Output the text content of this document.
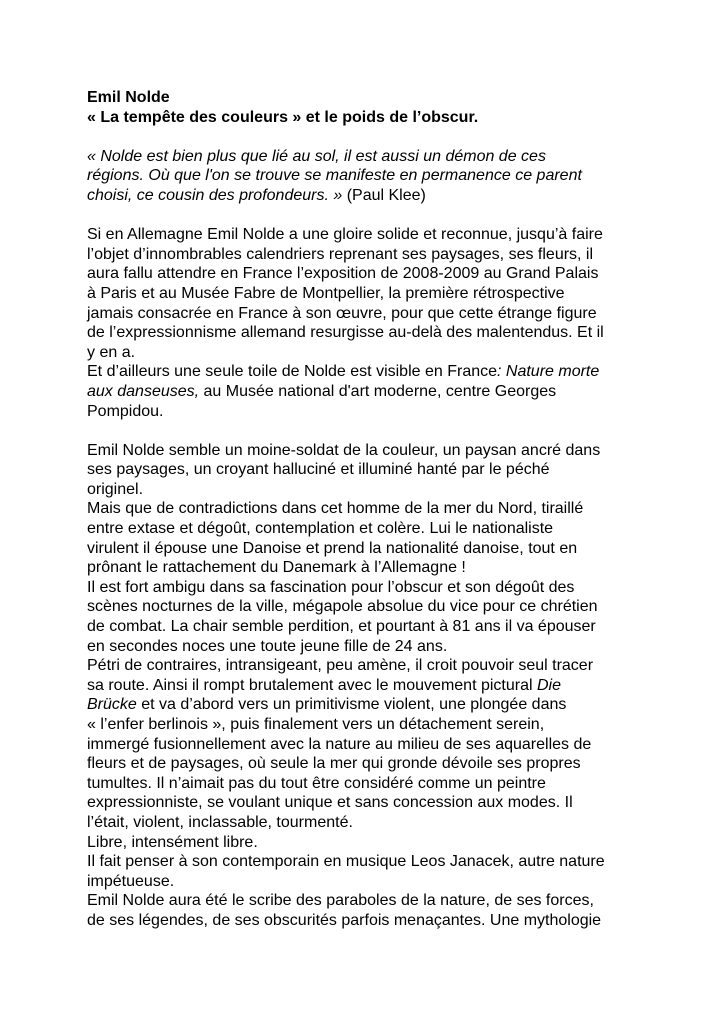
Emil Nolde
« La tempête des couleurs » et le poids de l’obscur.
« Nolde est bien plus que lié au sol, il est aussi un démon de ces
régions. Où que l'on se trouve se manifeste en permanence ce parent
choisi, ce cousin des profondeurs. » (Paul Klee)
Si en Allemagne Emil Nolde a une gloire solide et reconnue, jusqu’à faire
l’objet d’innombrables calendriers reprenant ses paysages, ses fleurs, il
aura fallu attendre en France l’exposition de 2008-2009 au Grand Palais
à Paris et au Musée Fabre de Montpellier, la première rétrospective
jamais consacrée en France à son œuvre, pour que cette étrange figure
de l’expressionnisme allemand resurgisse au-delà des malentendus. Et il
y en a.
Et d’ailleurs une seule toile de Nolde est visible en France: Nature morte
aux danseuses, au Musée national d'art moderne, centre Georges
Pompidou.
Emil Nolde semble un moine-soldat de la couleur, un paysan ancré dans
ses paysages, un croyant halluciné et illuminé hanté par le péché
originel.
Mais que de contradictions dans cet homme de la mer du Nord, tiraillé
entre extase et dégoût, contemplation et colère. Lui le nationaliste
virulent il épouse une Danoise et prend la nationalité danoise, tout en
prônant le rattachement du Danemark à l’Allemagne !
Il est fort ambigu dans sa fascination pour l’obscur et son dégoût des
scènes nocturnes de la ville, mégapole absolue du vice pour ce chrétien
de combat. La chair semble perdition, et pourtant à 81 ans il va épouser
en secondes noces une toute jeune fille de 24 ans.
Pétri de contraires, intransigeant, peu amène, il croit pouvoir seul tracer
sa route. Ainsi il rompt brutalement avec le mouvement pictural Die
Brücke et va d’abord vers un primitivisme violent, une plongée dans
« l’enfer berlinois », puis finalement vers un détachement serein,
immergé fusionnellement avec la nature au milieu de ses aquarelles de
fleurs et de paysages, où seule la mer qui gronde dévoile ses propres
tumultes. Il n’aimait pas du tout être considéré comme un peintre
expressionniste, se voulant unique et sans concession aux modes. Il
l’était, violent, inclassable, tourmenté.
Libre, intensément libre.
Il fait penser à son contemporain en musique Leos Janacek, autre nature
impétueuse.
Emil Nolde aura été le scribe des paraboles de la nature, de ses forces,
de ses légendes, de ses obscurités parfois menaçantes. Une mythologie
